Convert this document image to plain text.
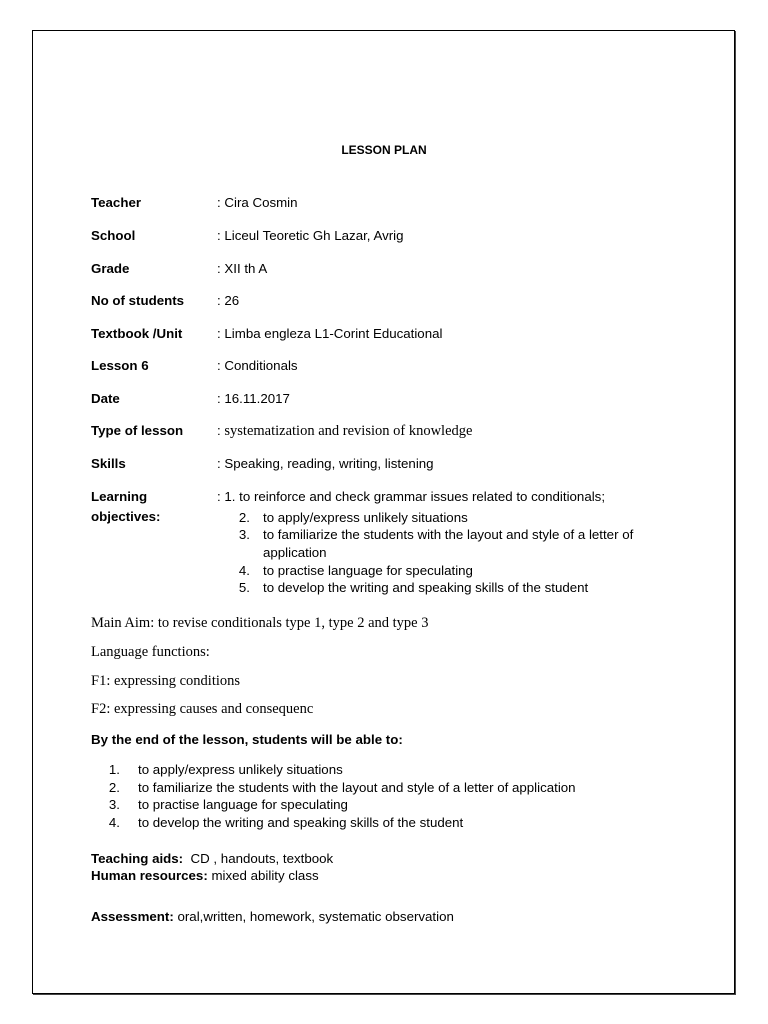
LESSON PLAN
Teacher	: Cira Cosmin
School	: Liceul Teoretic Gh Lazar, Avrig
Grade	: XII th A
No of students : 26
Textbook /Unit	: Limba engleza L1-Corint Educational
Lesson 6	: Conditionals
Date	: 16.11.2017
Type of lesson	: systematization and revision of knowledge
Skills	: Speaking, reading, writing, listening
Learning
objectives:
: 1. to reinforce and check grammar issues related to conditionals;
2. to apply/express unlikely situations
3. to familiarize the students with the layout and style of a letter of
application
4. to practise language for speculating
5. to develop the writing and speaking skills of the student
Main Aim: to revise conditionals type 1, type 2 and type 3
Language functions:
F1: expressing conditions
F2: expressing causes and consequenc
By the end of the lesson, students will be able to:
1. to apply/express unlikely situations
2. to familiarize the students with the layout and style of a letter of application
3. to practise language for speculating
4. to develop the writing and speaking skills of the student
Teaching aids: CD , handouts, textbook
Human resources: mixed ability class
Assessment: oral,written, homework, systematic observation
